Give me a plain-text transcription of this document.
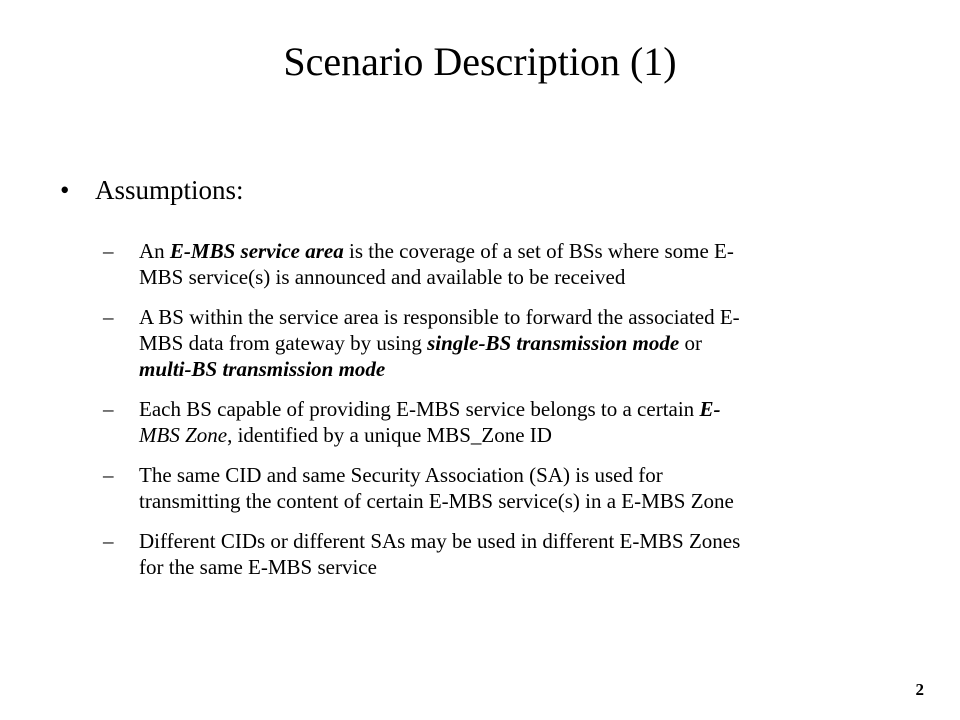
Scenario Description (1)
• Assumptions:
– An E-MBS service area is the coverage of a set of BSs where some E-
MBS service(s) is announced and available to be received
– A BS within the service area is responsible to forward the associated E-
MBS data from gateway by using single-BS transmission mode or
multi-BS transmission mode
– Each BS capable of providing E-MBS service belongs to a certain E-
MBS Zone, identified by a unique MBS_Zone ID
– The same CID and same Security Association (SA) is used for
transmitting the content of certain E-MBS service(s) in a E-MBS Zone
– Different CIDs or different SAs may be used in different E-MBS Zones
for the same E-MBS service
2
